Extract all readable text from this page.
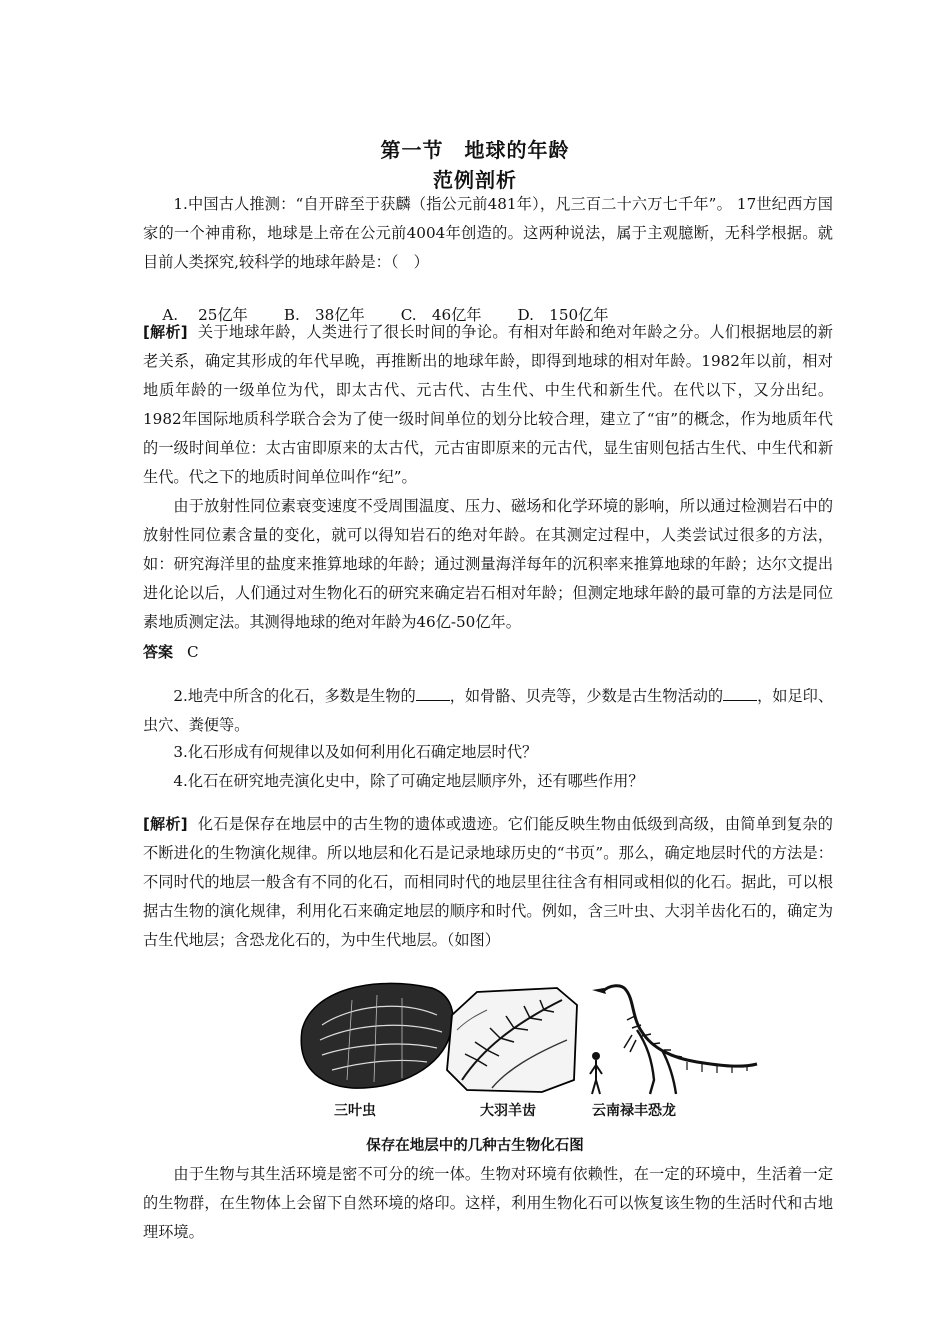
第一节　地球的年龄
范例剖析

1.中国古人推测：“自开辟至于获麟（指公元前481年），凡三百二十六万七千年”。 17世纪西方国家的一个神甫称，地球是上帝在公元前4004年创造的。这两种说法，属于主观臆断，无科学根据。就目前人类探究,较科学的地球年龄是：（　）

A.　 25亿年 B.　38亿年 C.　46亿年 D.　150亿年

[解析] 关于地球年龄，人类进行了很长时间的争论。有相对年龄和绝对年龄之分。人们根据地层的新老关系，确定其形成的年代早晚，再推断出的地球年龄，即得到地球的相对年龄。1982年以前，相对地质年龄的一级单位为代，即太古代、元古代、古生代、中生代和新生代。在代以下，又分出纪。1982年国际地质科学联合会为了使一级时间单位的划分比较合理，建立了“宙”的概念，作为地质年代的一级时间单位：太古宙即原来的太古代，元古宙即原来的元古代，显生宙则包括古生代、中生代和新生代。代之下的地质时间单位叫作“纪”。

由于放射性同位素衰变速度不受周围温度、压力、磁场和化学环境的影响，所以通过检测岩石中的放射性同位素含量的变化，就可以得知岩石的绝对年龄。在其测定过程中，人类尝试过很多的方法，如：研究海洋里的盐度来推算地球的年龄；通过测量海洋每年的沉积率来推算地球的年龄；达尔文提出进化论以后，人们通过对生物化石的研究来确定岩石相对年龄；但测定地球年龄的最可靠的方法是同位素地质测定法。其测得地球的绝对年龄为46亿-50亿年。

答案 C

2.地壳中所含的化石，多数是生物的 ，如骨骼、贝壳等，少数是古生物活动的 ，如足印、虫穴、粪便等。

3.化石形成有何规律以及如何利用化石确定地层时代？

4.化石在研究地壳演化史中，除了可确定地层顺序外，还有哪些作用？

[解析] 化石是保存在地层中的古生物的遗体或遗迹。它们能反映生物由低级到高级，由简单到复杂的不断进化的生物演化规律。所以地层和化石是记录地球历史的“书页”。那么，确定地层时代的方法是：不同时代的地层一般含有不同的化石，而相同时代的地层里往往含有相同或相似的化石。据此，可以根据古生物的演化规律，利用化石来确定地层的顺序和时代。例如，含三叶虫、大羽羊齿化石的，确定为古生代地层；含恐龙化石的，为中生代地层。（如图）

三叶虫	大羽羊齿	云南禄丰恐龙
保存在地层中的几种古生物化石图

由于生物与其生活环境是密不可分的统一体。生物对环境有依赖性，在一定的环境中，生活着一定的生物群，在生物体上会留下自然环境的烙印。这样，利用生物化石可以恢复该生物的生活时代和古地理环境。
